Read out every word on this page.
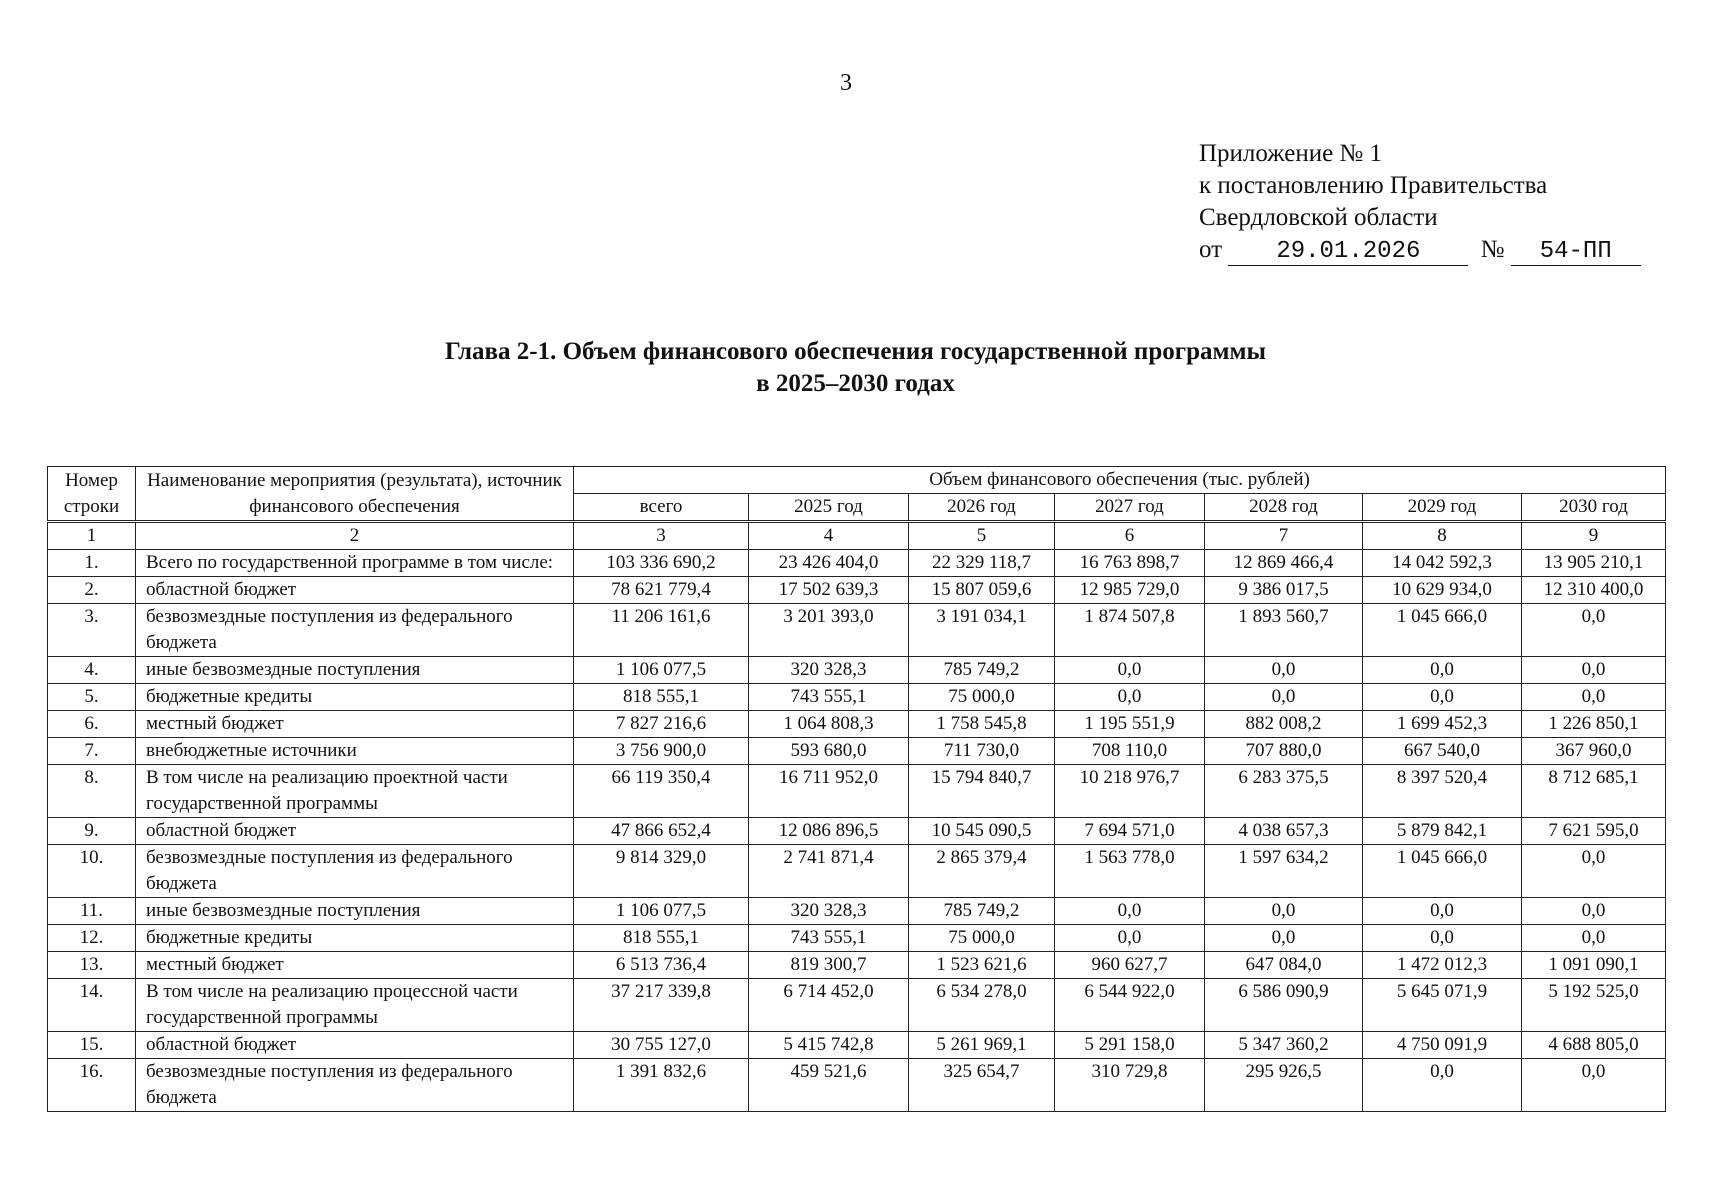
3
Приложение № 1
к постановлению Правительства
Свердловской области
от 29.01.2026 № 54-ПП
Глава 2-1. Объем финансового обеспечения государственной программы
в 2025–2030 годах
Номер строки	Наименование мероприятия (результата), источник финансового обеспечения	Объем финансового обеспечения (тыс. рублей)						
		всего	2025 год	2026 год	2027 год	2028 год	2029 год	2030 год
1	2	3	4	5	6	7	8	9
1.	Всего по государственной программе в том числе:	103 336 690,2	23 426 404,0	22 329 118,7	16 763 898,7	12 869 466,4	14 042 592,3	13 905 210,1
2.	областной бюджет	78 621 779,4	17 502 639,3	15 807 059,6	12 985 729,0	9 386 017,5	10 629 934,0	12 310 400,0
3.	безвозмездные поступления из федерального бюджета	11 206 161,6	3 201 393,0	3 191 034,1	1 874 507,8	1 893 560,7	1 045 666,0	0,0
4.	иные безвозмездные поступления	1 106 077,5	320 328,3	785 749,2	0,0	0,0	0,0	0,0
5.	бюджетные кредиты	818 555,1	743 555,1	75 000,0	0,0	0,0	0,0	0,0
6.	местный бюджет	7 827 216,6	1 064 808,3	1 758 545,8	1 195 551,9	882 008,2	1 699 452,3	1 226 850,1
7.	внебюджетные источники	3 756 900,0	593 680,0	711 730,0	708 110,0	707 880,0	667 540,0	367 960,0
8.	В том числе на реализацию проектной части государственной программы	66 119 350,4	16 711 952,0	15 794 840,7	10 218 976,7	6 283 375,5	8 397 520,4	8 712 685,1
9.	областной бюджет	47 866 652,4	12 086 896,5	10 545 090,5	7 694 571,0	4 038 657,3	5 879 842,1	7 621 595,0
10.	безвозмездные поступления из федерального бюджета	9 814 329,0	2 741 871,4	2 865 379,4	1 563 778,0	1 597 634,2	1 045 666,0	0,0
11.	иные безвозмездные поступления	1 106 077,5	320 328,3	785 749,2	0,0	0,0	0,0	0,0
12.	бюджетные кредиты	818 555,1	743 555,1	75 000,0	0,0	0,0	0,0	0,0
13.	местный бюджет	6 513 736,4	819 300,7	1 523 621,6	960 627,7	647 084,0	1 472 012,3	1 091 090,1
14.	В том числе на реализацию процессной части государственной программы	37 217 339,8	6 714 452,0	6 534 278,0	6 544 922,0	6 586 090,9	5 645 071,9	5 192 525,0
15.	областной бюджет	30 755 127,0	5 415 742,8	5 261 969,1	5 291 158,0	5 347 360,2	4 750 091,9	4 688 805,0
16.	безвозмездные поступления из федерального бюджета	1 391 832,6	459 521,6	325 654,7	310 729,8	295 926,5	0,0	0,0
